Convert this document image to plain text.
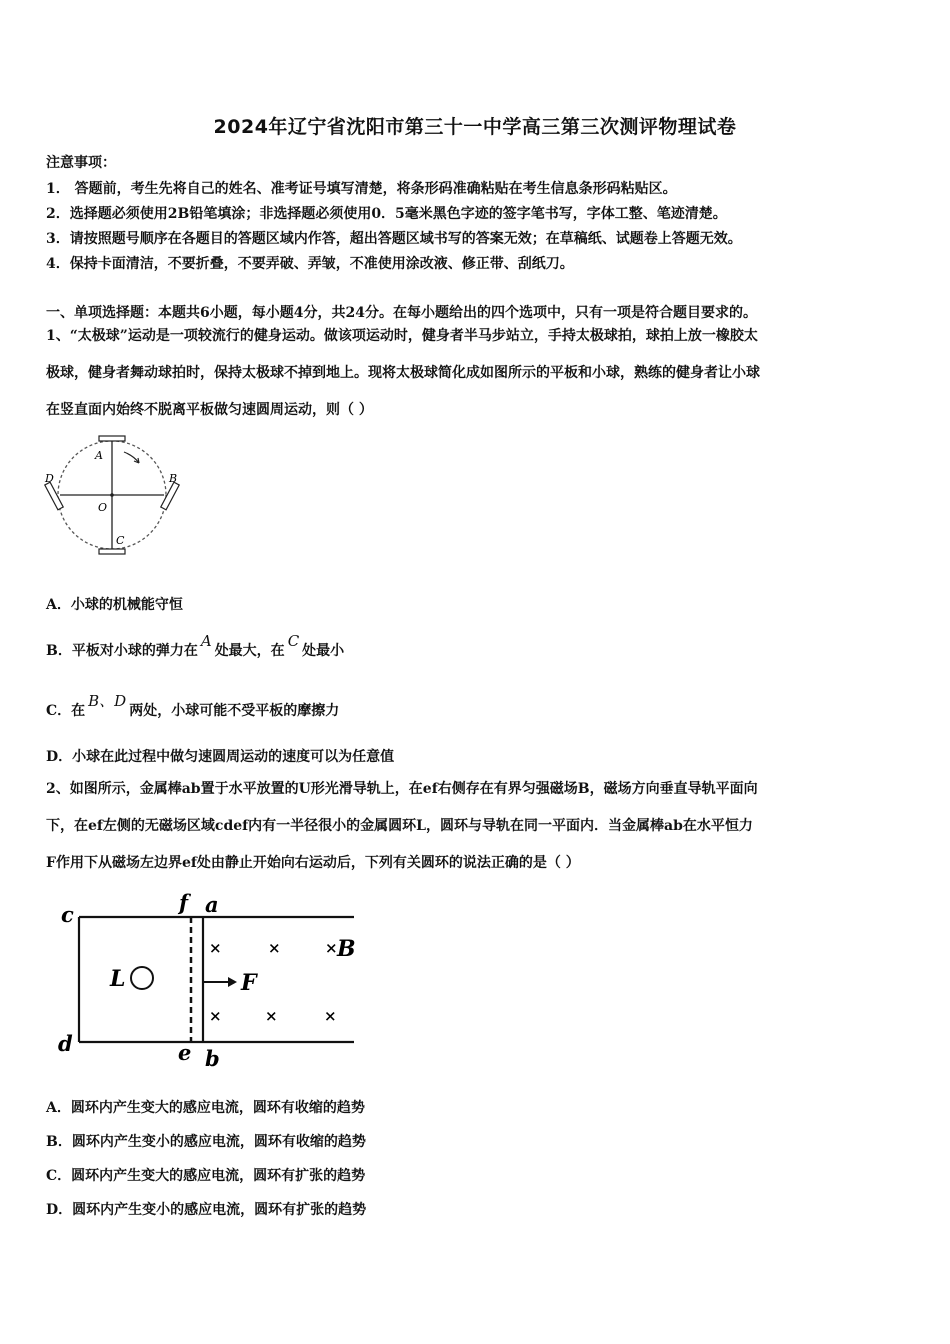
2024年辽宁省沈阳市第三十一中学高三第三次测评物理试卷
注意事项：
1． 答题前，考生先将自己的姓名、准考证号填写清楚，将条形码准确粘贴在考生信息条形码粘贴区。
2．选择题必须使用2B铅笔填涂；非选择题必须使用0．5毫米黑色字迹的签字笔书写，字体工整、笔迹清楚。
3．请按照题号顺序在各题目的答题区域内作答，超出答题区域书写的答案无效；在草稿纸、试题卷上答题无效。
4．保持卡面清洁，不要折叠，不要弄破、弄皱，不准使用涂改液、修正带、刮纸刀。
一、单项选择题：本题共6小题，每小题4分，共24分。在每小题给出的四个选项中，只有一项是符合题目要求的。
1、“太极球”运动是一项较流行的健身运动。做该项运动时，健身者半马步站立，手持太极球拍，球拍上放一橡胶太
极球，健身者舞动球拍时，保持太极球不掉到地上。现将太极球简化成如图所示的平板和小球，熟练的健身者让小球
在竖直面内始终不脱离平板做匀速圆周运动，则（ ）
A
B
C
D
O
A．小球的机械能守恒
B．平板对小球的弹力在A处最大，在C处最小
C．在B、D两处，小球可能不受平板的摩擦力
D．小球在此过程中做匀速圆周运动的速度可以为任意值
2、如图所示，金属棒ab置于水平放置的U形光滑导轨上，在ef右侧存在有界匀强磁场B，磁场方向垂直导轨平面向
下，在ef左侧的无磁场区域cdef内有一半径很小的金属圆环L，圆环与导轨在同一平面内．当金属棒ab在水平恒力
F作用下从磁场左边界ef处由静止开始向右运动后，下列有关圆环的说法正确的是（ ）
c	f a
d	e b
L	F
B
×	×	×
×	×	×
A．圆环内产生变大的感应电流，圆环有收缩的趋势
B．圆环内产生变小的感应电流，圆环有收缩的趋势
C．圆环内产生变大的感应电流，圆环有扩张的趋势
D．圆环内产生变小的感应电流，圆环有扩张的趋势
